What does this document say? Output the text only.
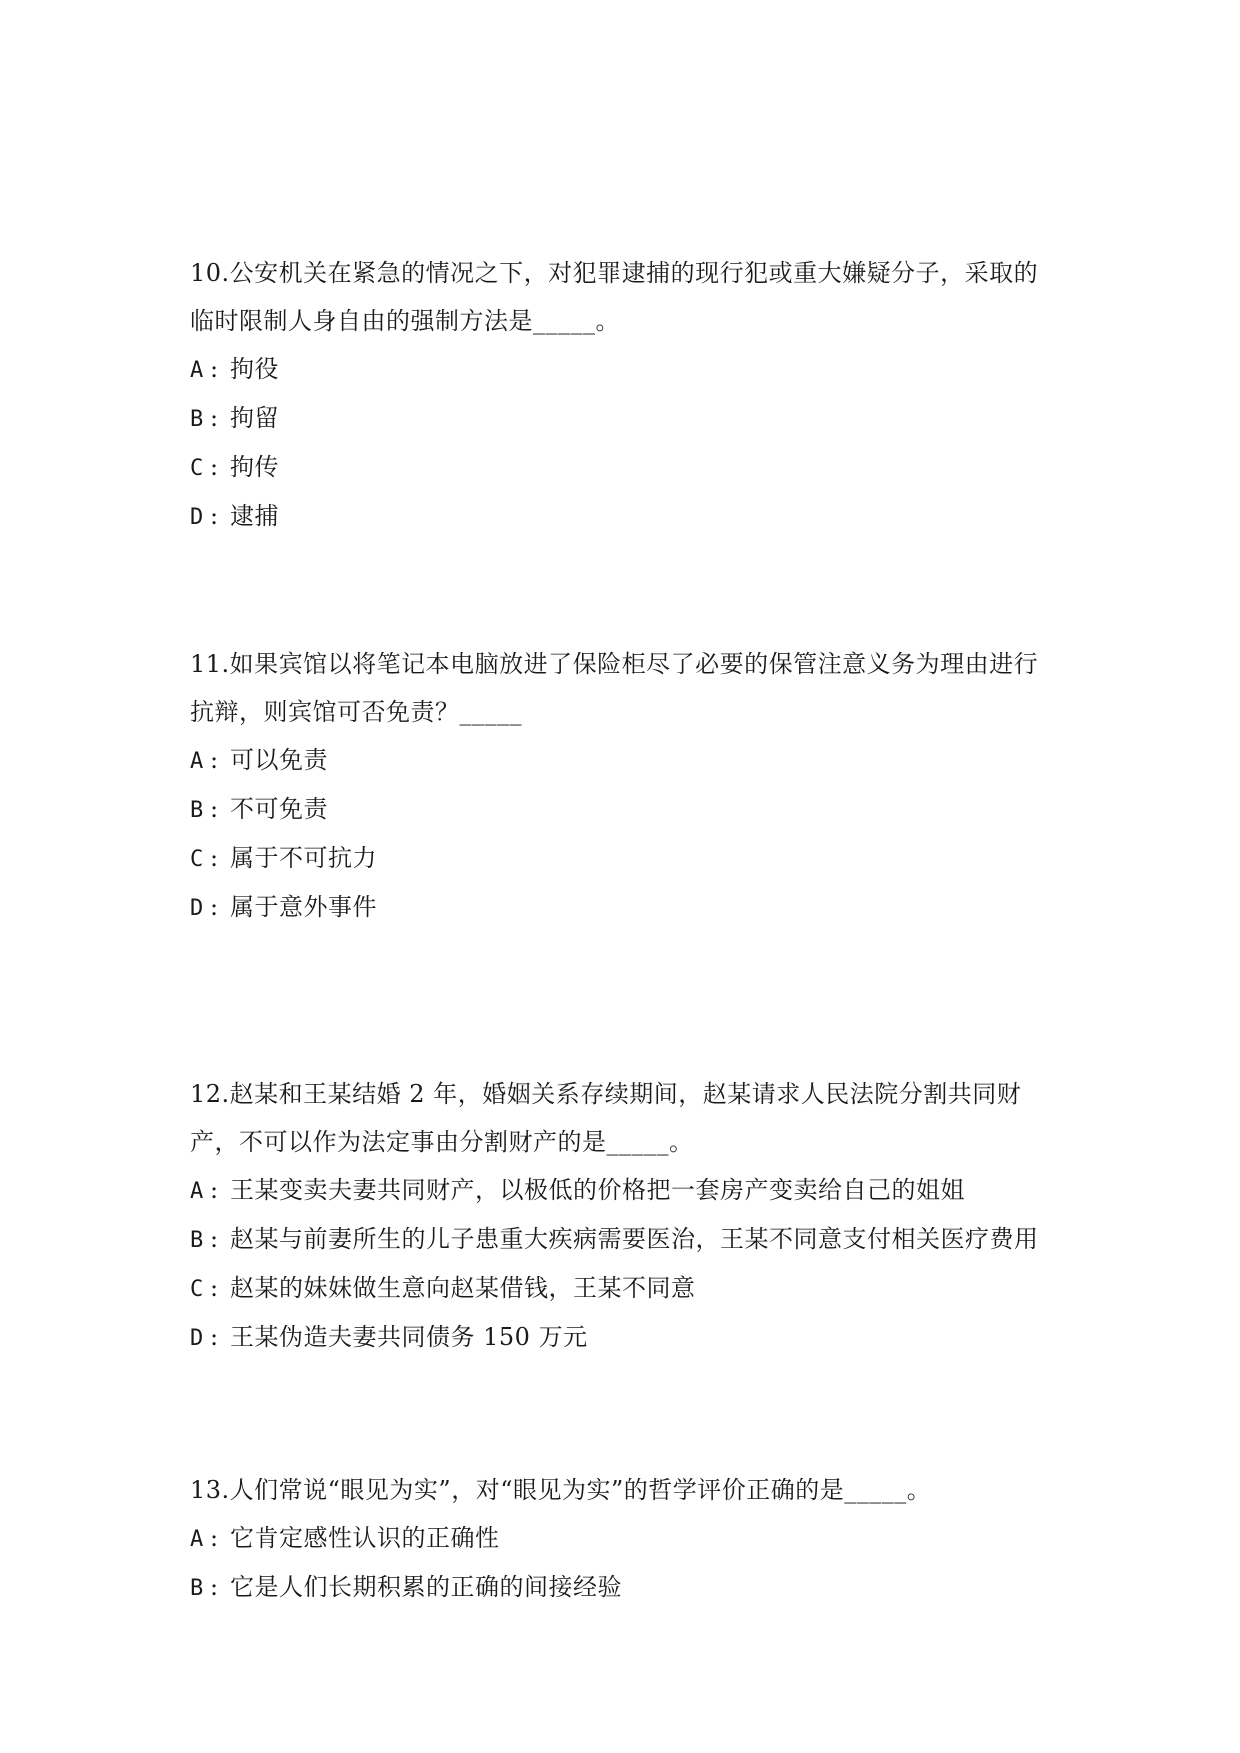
10.公安机关在紧急的情况之下，对犯罪逮捕的现行犯或重大嫌疑分子，采取的临时限制人身自由的强制方法是_____。

A : 拘役
B : 拘留
C : 拘传
D : 逮捕

11.如果宾馆以将笔记本电脑放进了保险柜尽了必要的保管注意义务为理由进行抗辩，则宾馆可否免责？_____

A : 可以免责
B : 不可免责
C : 属于不可抗力
D : 属于意外事件

12.赵某和王某结婚 2 年，婚姻关系存续期间，赵某请求人民法院分割共同财产，不可以作为法定事由分割财产的是_____。

A : 王某变卖夫妻共同财产，以极低的价格把一套房产变卖给自己的姐姐
B : 赵某与前妻所生的儿子患重大疾病需要医治，王某不同意支付相关医疗费用
C : 赵某的妹妹做生意向赵某借钱，王某不同意
D : 王某伪造夫妻共同债务 150 万元

13.人们常说“眼见为实”，对“眼见为实”的哲学评价正确的是_____。

A : 它肯定感性认识的正确性
B : 它是人们长期积累的正确的间接经验
